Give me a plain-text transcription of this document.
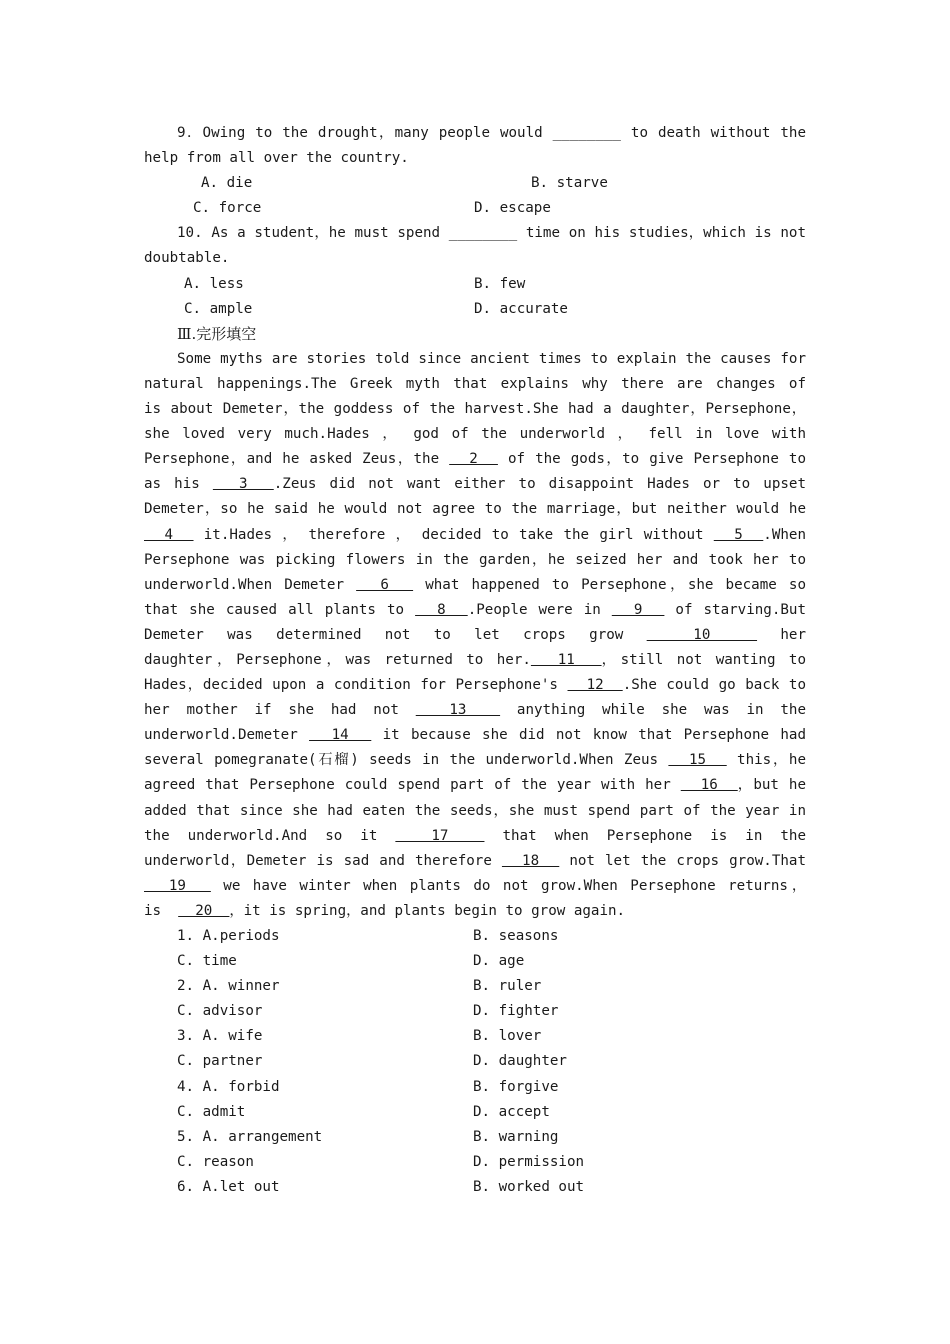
9．Owing to the drought，many people would ________ to death without the
help from all over the country.
A. die	B. starve
C. force	D. escape
10. As a student，he must spend ________ time on his studies，which is not
doubtable.
A. less	B. few
C. ample	D. accurate
Ⅲ.完形填空
Some myths are stories told since ancient times to explain the causes for
natural happenings.The Greek myth that explains why there are changes of
is about Demeter，the goddess of the harvest.She had a daughter，Persephone，
she loved very much.Hades ， god of the underworld ， fell in love with
Persephone，and he asked Zeus，the   2   of the gods，to give Persephone to
as his   3  .Zeus did not want either to disappoint Hades or to upset
Demeter，so he said he would not agree to the marriage，but neither would he
4   it.Hades ， therefore ， decided to take the girl without   5  .When
Persephone was picking flowers in the garden，he seized her and took her to
underworld.When Demeter   6   what happened to Persephone，she became so
that she caused all plants to   8  .People were in   9   of starving.But
Demeter was determined not to let crops grow   10   her
daughter，Persephone，was returned to her.  11  ，still not wanting to
Hades，decided upon a condition for Persephone's   12  .She could go back to
her mother if she had not   13   anything while she was in the
underworld.Demeter   14   it because she did not know that Persephone had
several pomegranate(石榴) seeds in the underworld.When Zeus   15   this，he
agreed that Persephone could spend part of the year with her   16  ，but he
added that since she had eaten the seeds，she must spend part of the year in
the underworld.And so it   17   that when Persephone is in the
underworld，Demeter is sad and therefore   18   not let the crops grow.That
19   we have winter when plants do not grow.When Persephone returns，
is    20  ，it is spring，and plants begin to grow again.
1. A.periods	B. seasons
C. time	D. age
2. A. winner	B. ruler
C. advisor	D. fighter
3. A. wife	B. lover
C. partner	D. daughter
4. A. forbid	B. forgive
C. admit	D. accept
5. A. arrangement	B. warning
C. reason	D. permission
6. A.let out	B. worked out
